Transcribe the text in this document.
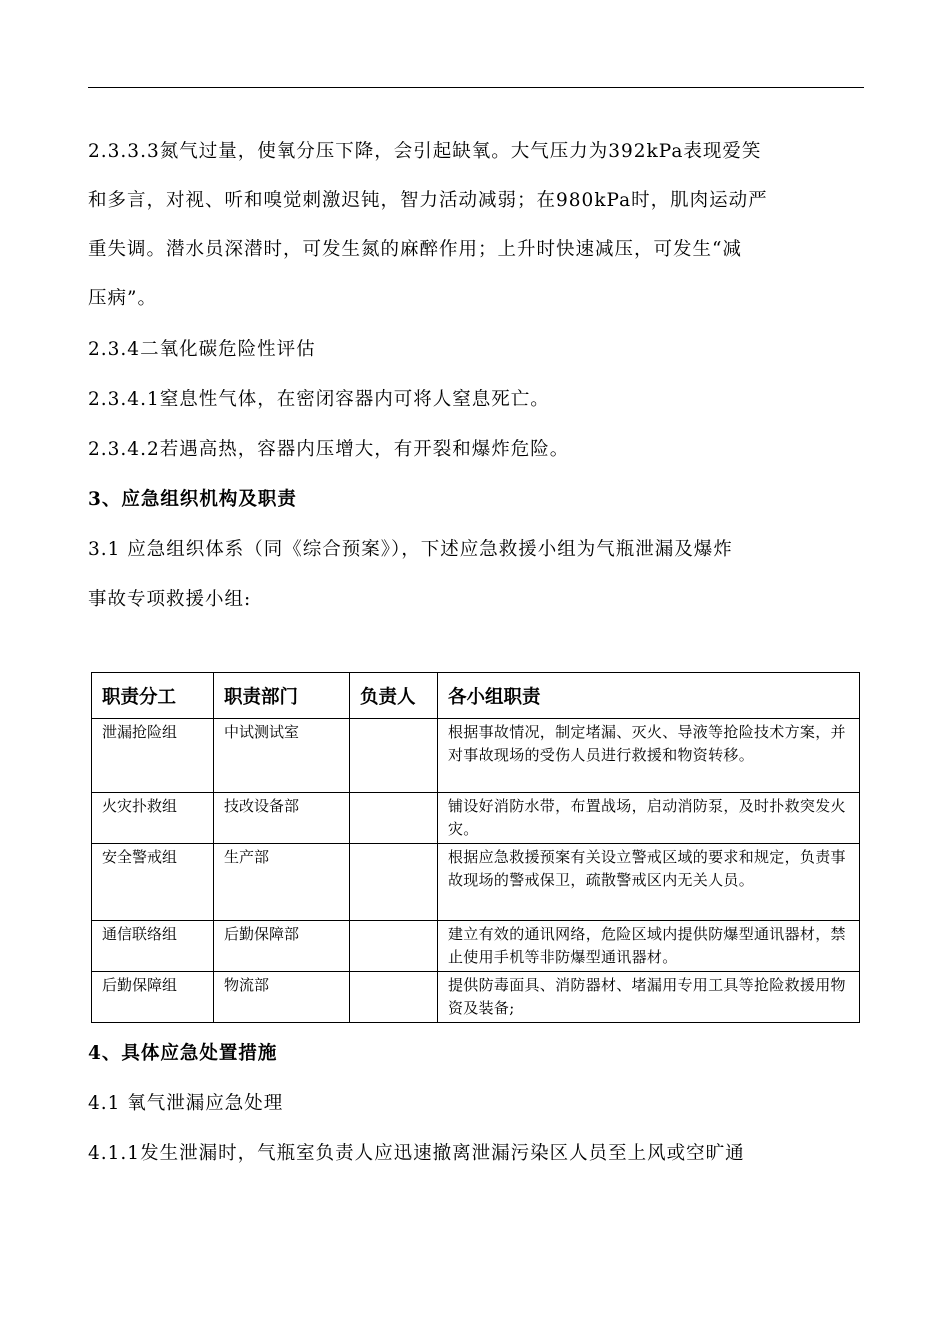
2.3.3.3氮气过量，使氧分压下降，会引起缺氧。大气压力为392kPa表现爱笑
和多言，对视、听和嗅觉刺激迟钝，智力活动减弱；在980kPa时，肌肉运动严
重失调。潜水员深潜时，可发生氮的麻醉作用；上升时快速减压，可发生“减
压病”。
2.3.4二氧化碳危险性评估
2.3.4.1窒息性气体，在密闭容器内可将人窒息死亡。
2.3.4.2若遇高热，容器内压增大，有开裂和爆炸危险。
3、应急组织机构及职责
3.1 应急组织体系（同《综合预案》），下述应急救援小组为气瓶泄漏及爆炸
事故专项救援小组:
职责分工	职责部门	负责人	各小组职责
泄漏抢险组	中试测试室		根据事故情况，制定堵漏、灭火、导液等抢险技术方案，并对事故现场的受伤人员进行救援和物资转移。
火灾扑救组	技改设备部		铺设好消防水带，布置战场，启动消防泵，及时扑救突发火灾。
安全警戒组	生产部		根据应急救援预案有关设立警戒区域的要求和规定，负责事故现场的警戒保卫，疏散警戒区内无关人员。
通信联络组	后勤保障部		建立有效的通讯网络，危险区域内提供防爆型通讯器材，禁止使用手机等非防爆型通讯器材。
后勤保障组	物流部		提供防毒面具、消防器材、堵漏用专用工具等抢险救援用物资及装备;
4、具体应急处置措施
4.1 氧气泄漏应急处理
4.1.1发生泄漏时，气瓶室负责人应迅速撤离泄漏污染区人员至上风或空旷通
